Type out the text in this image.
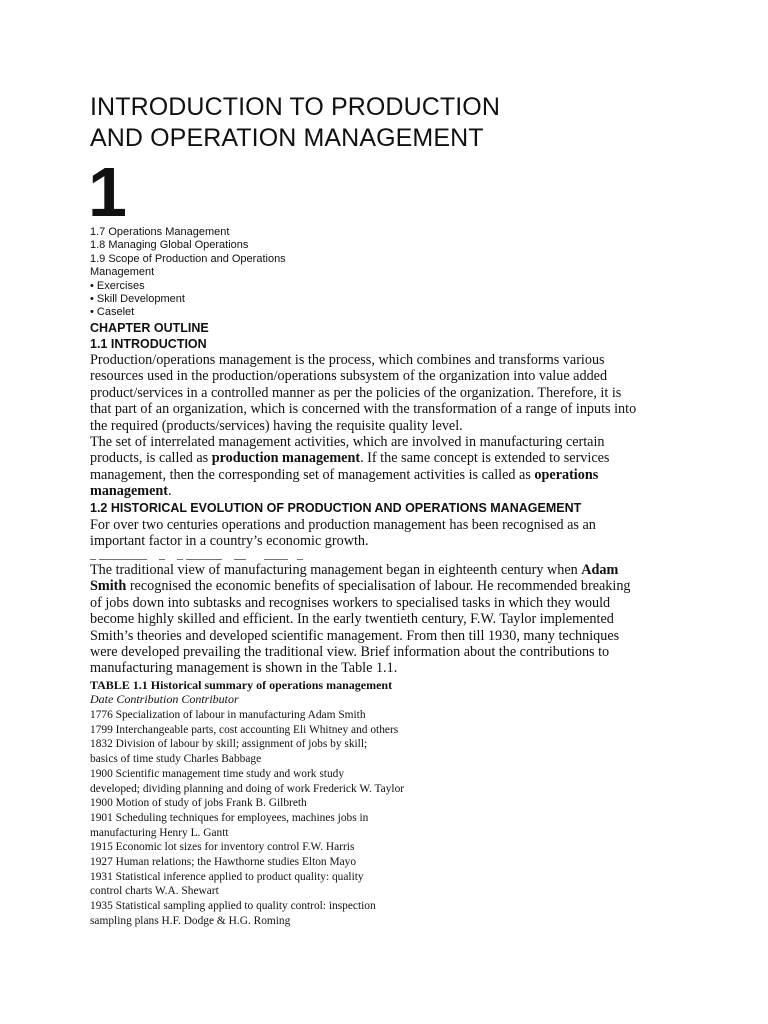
INTRODUCTION TO PRODUCTION
AND OPERATION MANAGEMENT
1
1.7 Operations Management
1.8 Managing Global Operations
1.9 Scope of Production and Operations
Management
• Exercises
• Skill Development
• Caselet
CHAPTER OUTLINE
1.1 INTRODUCTION
Production/operations management is the process, which combines and transforms various
resources used in the production/operations subsystem of the organization into value added
product/services in a controlled manner as per the policies of the organization. Therefore, it is
that part of an organization, which is concerned with the transformation of a range of inputs into
the required (products/services) having the requisite quality level.
The set of interrelated management activities, which are involved in manufacturing certain
products, is called as production management. If the same concept is extended to services
management, then the corresponding set of management activities is called as operations
management.
1.2 HISTORICAL EVOLUTION OF PRODUCTION AND OPERATIONS MANAGEMENT
For over two centuries operations and production management has been recognised as an
important factor in a country’s economic growth.
_ ________    _    _ ______    __      ____   _
The traditional view of manufacturing management began in eighteenth century when Adam
Smith recognised the economic benefits of specialisation of labour. He recommended breaking
of jobs down into subtasks and recognises workers to specialised tasks in which they would
become highly skilled and efficient. In the early twentieth century, F.W. Taylor implemented
Smith’s theories and developed scientific management. From then till 1930, many techniques
were developed prevailing the traditional view. Brief information about the contributions to
manufacturing management is shown in the Table 1.1.
TABLE 1.1 Historical summary of operations management
Date Contribution Contributor
1776 Specialization of labour in manufacturing Adam Smith
1799 Interchangeable parts, cost accounting Eli Whitney and others
1832 Division of labour by skill; assignment of jobs by skill;
basics of time study Charles Babbage
1900 Scientific management time study and work study
developed; dividing planning and doing of work Frederick W. Taylor
1900 Motion of study of jobs Frank B. Gilbreth
1901 Scheduling techniques for employees, machines jobs in
manufacturing Henry L. Gantt
1915 Economic lot sizes for inventory control F.W. Harris
1927 Human relations; the Hawthorne studies Elton Mayo
1931 Statistical inference applied to product quality: quality
control charts W.A. Shewart
1935 Statistical sampling applied to quality control: inspection
sampling plans H.F. Dodge & H.G. Roming
